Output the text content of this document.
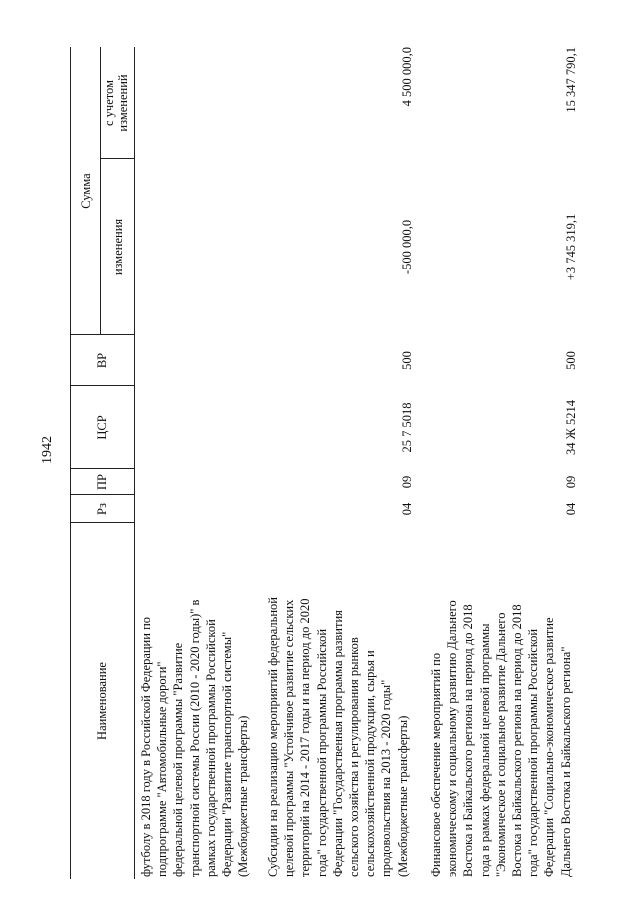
1942
Наименование
Рз
ПР
ЦСР
ВР
Сумма
изменения
с учетом изменений
футболу в 2018 году в Российской Федерации по подпрограмме "Автомобильные дороги" федеральной целевой программы "Развитие транспортной системы России (2010 - 2020 годы)" в рамках государственной программы Российской Федерации "Развитие транспортной системы" (Межбюджетные трансферты) Субсидии на реализацию мероприятий федеральной целевой программы "Устойчивое развитие сельских территорий на 2014 - 2017 годы и на период до 2020 года" государственной программы Российской Федерации "Государственная программа развития сельского хозяйства и регулирования рынков сельскохозяйственной продукции, сырья и продовольствия на 2013 - 2020 годы" (Межбюджетные трансферты)
04
09
25 7 5018
500
-500 000,0
4 500 000,0
Финансовое обеспечение мероприятий по экономическому и социальному развитию Дальнего Востока и Байкальского региона на период до 2018 года в рамках федеральной целевой программы "Экономическое и социальное развитие Дальнего Востока и Байкальского региона на период до 2018 года" государственной программы Российской Федерации "Социально-экономическое развитие Дальнего Востока и Байкальского региона"
04
09
34 Ж 5214
500
+3 745 319,1
15 347 790,1
